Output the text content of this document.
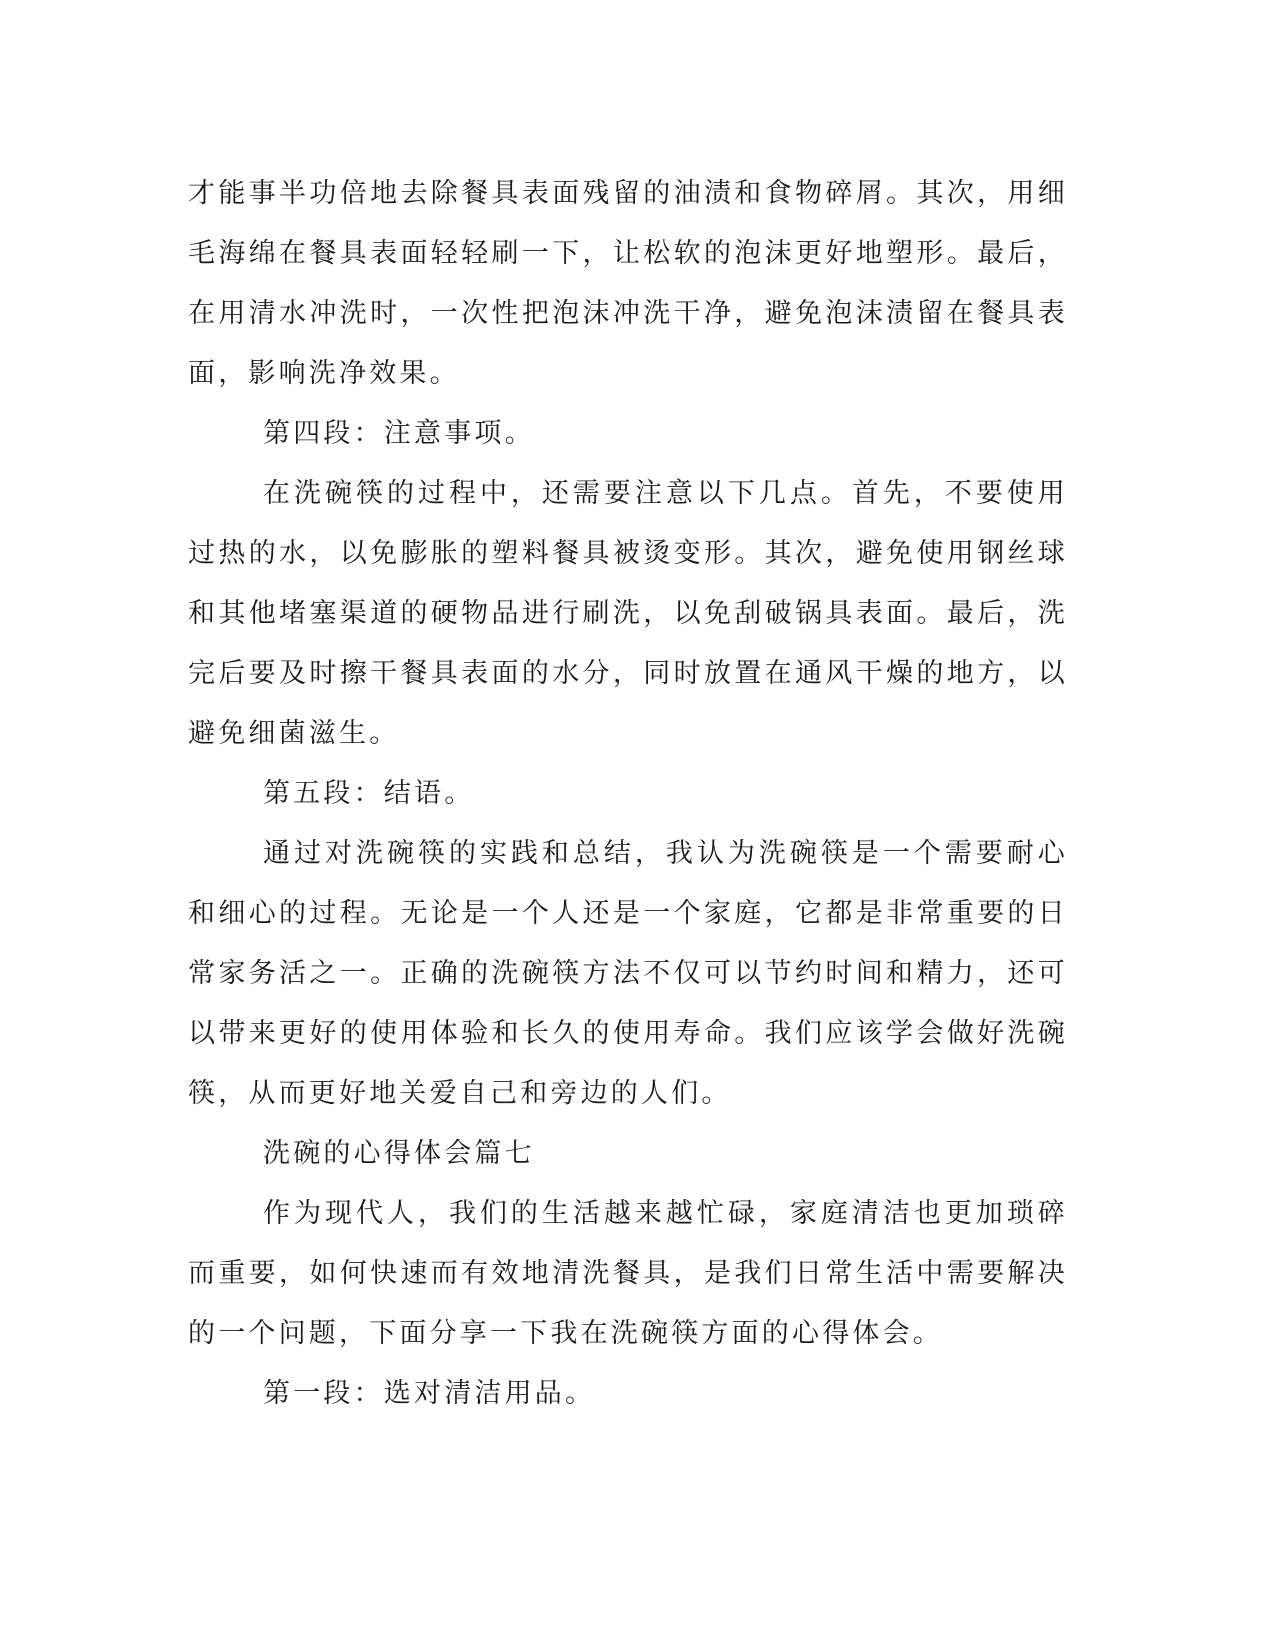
才能事半功倍地去除餐具表面残留的油渍和食物碎屑。其次，用细毛海绵在餐具表面轻轻刷一下，让松软的泡沫更好地塑形。最后，在用清水冲洗时，一次性把泡沫冲洗干净，避免泡沫渍留在餐具表面，影响洗净效果。

第四段：注意事项。

在洗碗筷的过程中，还需要注意以下几点。首先，不要使用过热的水，以免膨胀的塑料餐具被烫变形。其次，避免使用钢丝球和其他堵塞渠道的硬物品进行刷洗，以免刮破锅具表面。最后，洗完后要及时擦干餐具表面的水分，同时放置在通风干燥的地方，以避免细菌滋生。

第五段：结语。

通过对洗碗筷的实践和总结，我认为洗碗筷是一个需要耐心和细心的过程。无论是一个人还是一个家庭，它都是非常重要的日常家务活之一。正确的洗碗筷方法不仅可以节约时间和精力，还可以带来更好的使用体验和长久的使用寿命。我们应该学会做好洗碗筷，从而更好地关爱自己和旁边的人们。

洗碗的心得体会篇七

作为现代人，我们的生活越来越忙碌，家庭清洁也更加琐碎而重要，如何快速而有效地清洗餐具，是我们日常生活中需要解决的一个问题，下面分享一下我在洗碗筷方面的心得体会。

第一段：选对清洁用品。
